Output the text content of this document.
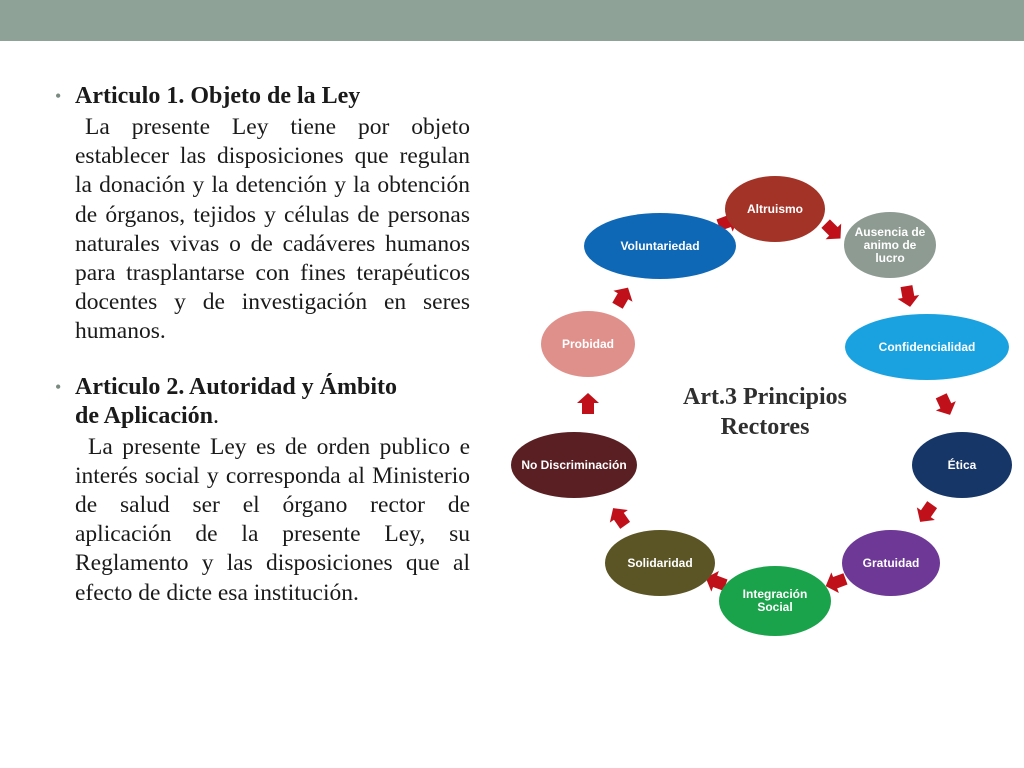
• Articulo 1. Objeto de la Ley
La presente Ley tiene por objeto establecer las disposiciones que regulan la donación y la detención y la obtención de órganos, tejidos y células de personas naturales vivas o de cadáveres humanos para trasplantarse con fines terapéuticos docentes y de investigación en seres humanos.
• Articulo 2. Autoridad y Ámbito
de Aplicación.
La presente Ley es de orden publico e interés social y corresponda al Ministerio de salud ser el órgano rector de aplicación de la presente Ley, su Reglamento y las disposiciones que al efecto de dicte esa institución.
Art.3 Principios
Rectores
Altruismo
Ausencia de animo de lucro
Confidencialidad
Ética
Gratuidad
Integración Social
Solidaridad
No Discriminación
Probidad
Voluntariedad
